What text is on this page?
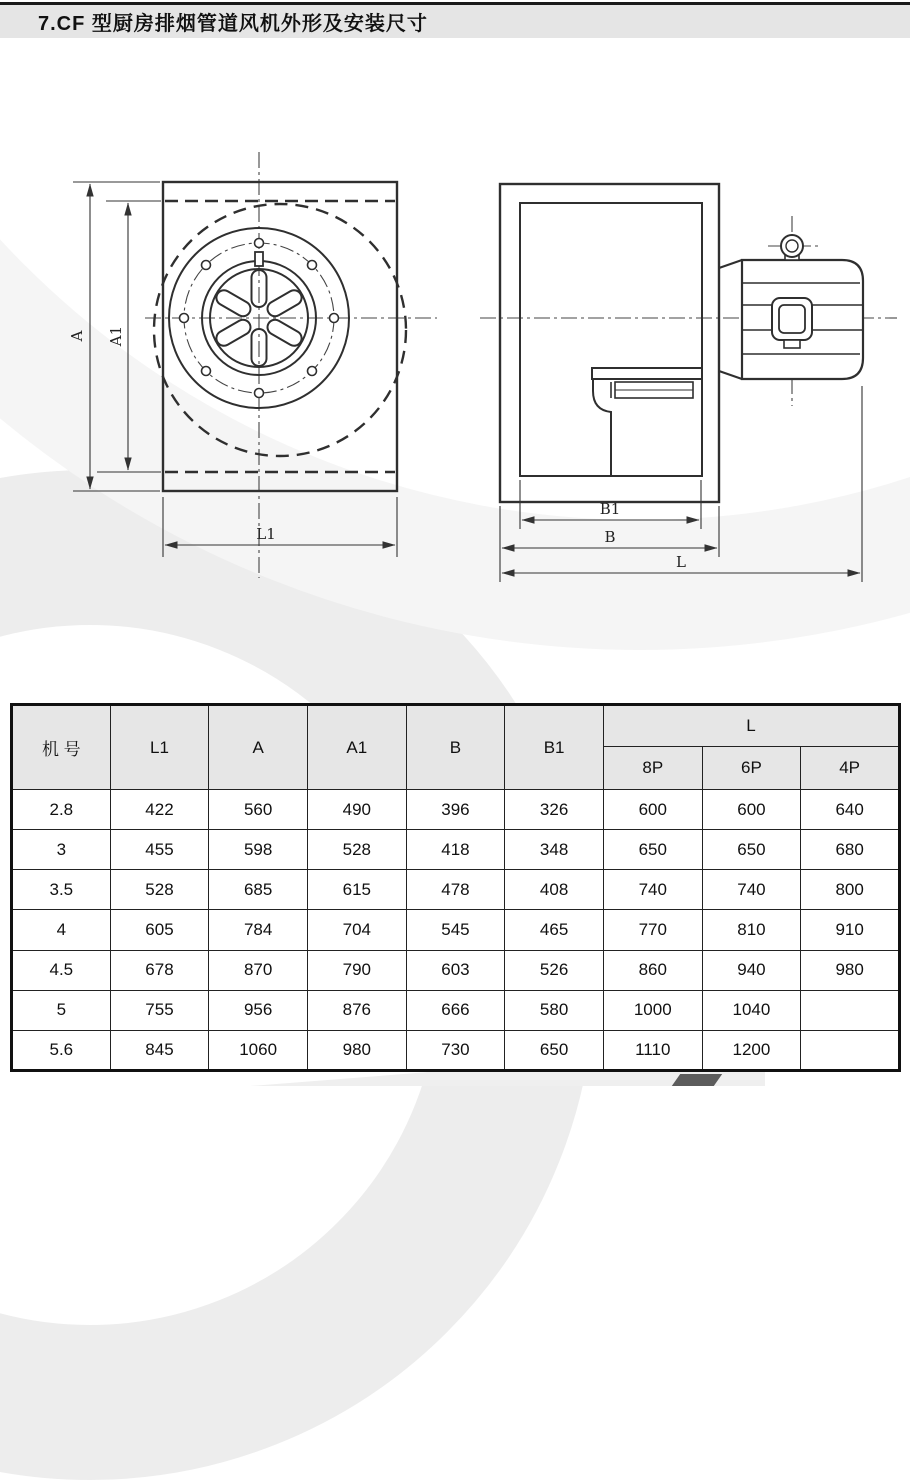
7.CF 型厨房排烟管道风机外形及安装尺寸
A A1
L1
B1
B
L
机 号	L1	A	A1	B	B1	L		
						8P	6P	4P
2.8	422	560	490	396	326	600	600	640
3	455	598	528	418	348	650	650	680
3.5	528	685	615	478	408	740	740	800
4	605	784	704	545	465	770	810	910
4.5	678	870	790	603	526	860	940	980
5	755	956	876	666	580	1000	1040	
5.6	845	1060	980	730	650	1110	1200	
